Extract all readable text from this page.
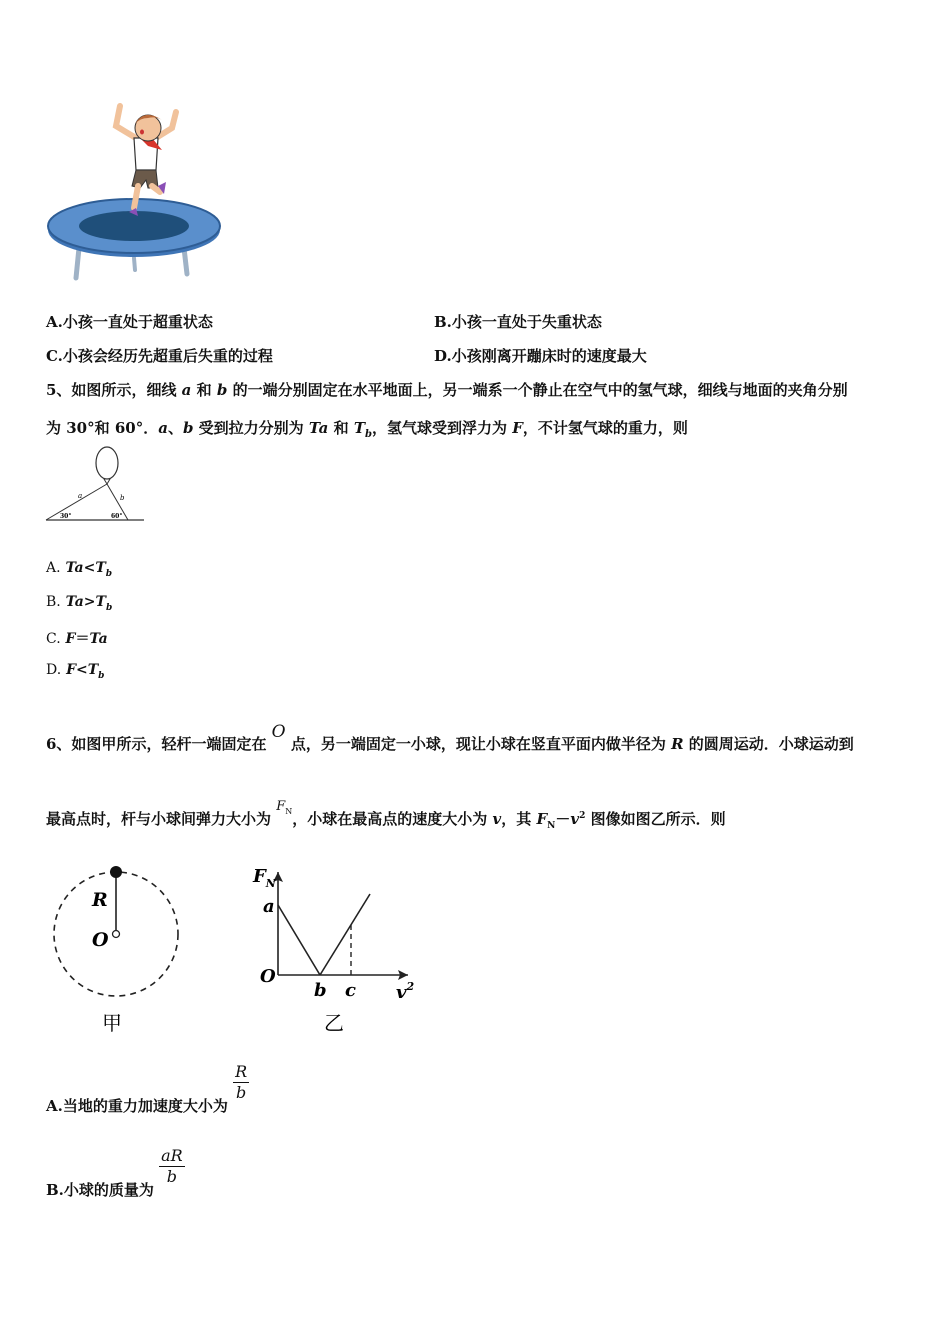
A.小孩一直处于超重状态	B.小孩一直处于失重状态
C.小孩会经历先超重后失重的过程	D.小孩刚离开蹦床时的速度最大
5、如图所示，细线 a 和 b 的一端分别固定在水平地面上，另一端系一个静止在空气中的氢气球，细线与地面的夹角分别
为 30°和 60°．a、b 受到拉力分别为 Ta 和 $T_b$，氢气球受到浮力为 F，不计氢气球的重力，则
a	b
30°	60°
A. $Ta<T_b$
B. $Ta>T_b$
C. F＝Ta
D. $F<T_b$
6、如图甲所示，轻杆一端固定在 O 点，另一端固定一小球，现让小球在竖直平面内做半径为 R 的圆周运动．小球运动到
最高点时，杆与小球间弹力大小为 $F_N$，小球在最高点的速度大小为 v，其 $F_N-v^2$ 图像如图乙所示．则
R
O
甲
$F_N$
a
O
b c $v^2$
乙
A.当地的重力加速度大小为
$\frac{R}{b}$
B.小球的质量为
$\frac{aR}{b}$
